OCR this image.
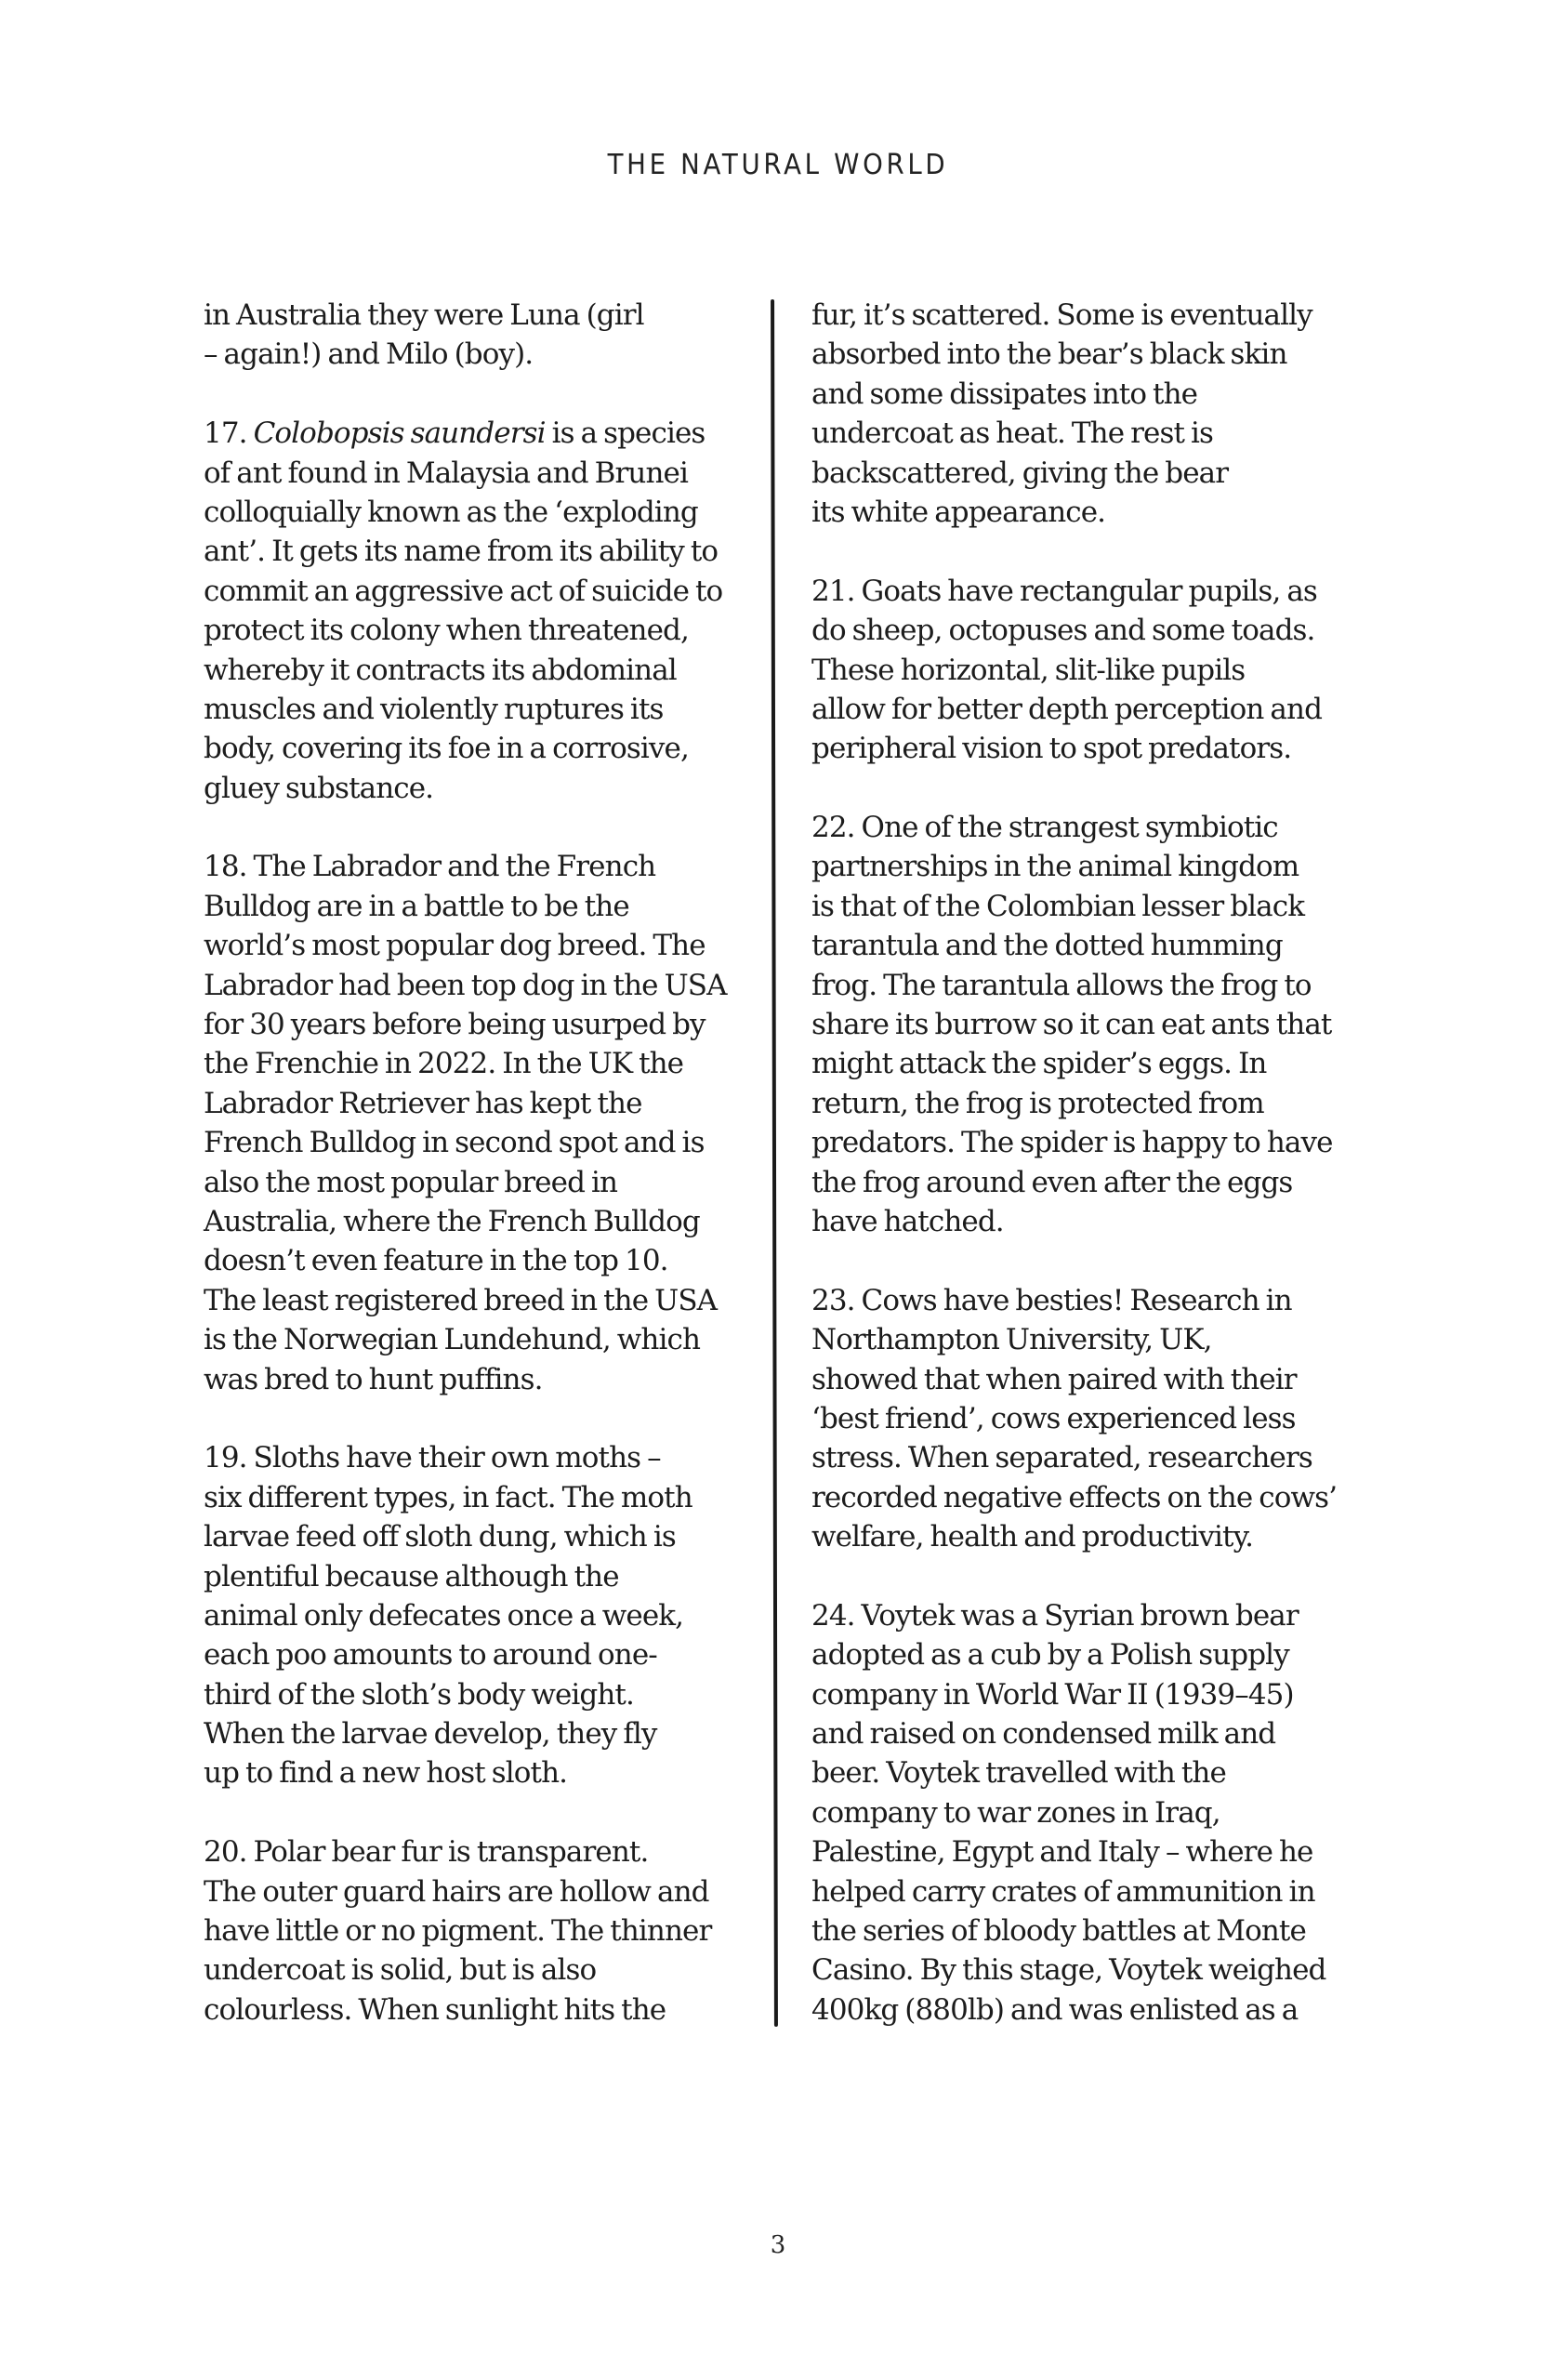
THE NATURAL WORLD
in Australia they were Luna (girl
– again!) and Milo (boy).
17. Colobopsis saundersi is a species
of ant found in Malaysia and Brunei
colloquially known as the ‘exploding
ant’. It gets its name from its ability to
commit an aggressive act of suicide to
protect its colony when threatened,
whereby it contracts its abdominal
muscles and violently ruptures its
body, covering its foe in a corrosive,
gluey substance.
18. The Labrador and the French
Bulldog are in a battle to be the
world’s most popular dog breed. The
Labrador had been top dog in the USA
for 30 years before being usurped by
the Frenchie in 2022. In the UK the
Labrador Retriever has kept the
French Bulldog in second spot and is
also the most popular breed in
Australia, where the French Bulldog
doesn’t even feature in the top 10.
The least registered breed in the USA
is the Norwegian Lundehund, which
was bred to hunt puffins.
19. Sloths have their own moths –
six different types, in fact. The moth
larvae feed off sloth dung, which is
plentiful because although the
animal only defecates once a week,
each poo amounts to around one-
third of the sloth’s body weight.
When the larvae develop, they fly
up to find a new host sloth.
20. Polar bear fur is transparent.
The outer guard hairs are hollow and
have little or no pigment. The thinner
undercoat is solid, but is also
colourless. When sunlight hits the
fur, it’s scattered. Some is eventually
absorbed into the bear’s black skin
and some dissipates into the
undercoat as heat. The rest is
backscattered, giving the bear
its white appearance.
21. Goats have rectangular pupils, as
do sheep, octopuses and some toads.
These horizontal, slit-like pupils
allow for better depth perception and
peripheral vision to spot predators.
22. One of the strangest symbiotic
partnerships in the animal kingdom
is that of the Colombian lesser black
tarantula and the dotted humming
frog. The tarantula allows the frog to
share its burrow so it can eat ants that
might attack the spider’s eggs. In
return, the frog is protected from
predators. The spider is happy to have
the frog around even after the eggs
have hatched.
23. Cows have besties! Research in
Northampton University, UK,
showed that when paired with their
‘best friend’, cows experienced less
stress. When separated, researchers
recorded negative effects on the cows’
welfare, health and productivity.
24. Voytek was a Syrian brown bear
adopted as a cub by a Polish supply
company in World War II (1939–45)
and raised on condensed milk and
beer. Voytek travelled with the
company to war zones in Iraq,
Palestine, Egypt and Italy – where he
helped carry crates of ammunition in
the series of bloody battles at Monte
Casino. By this stage, Voytek weighed
400kg (880lb) and was enlisted as a
3
